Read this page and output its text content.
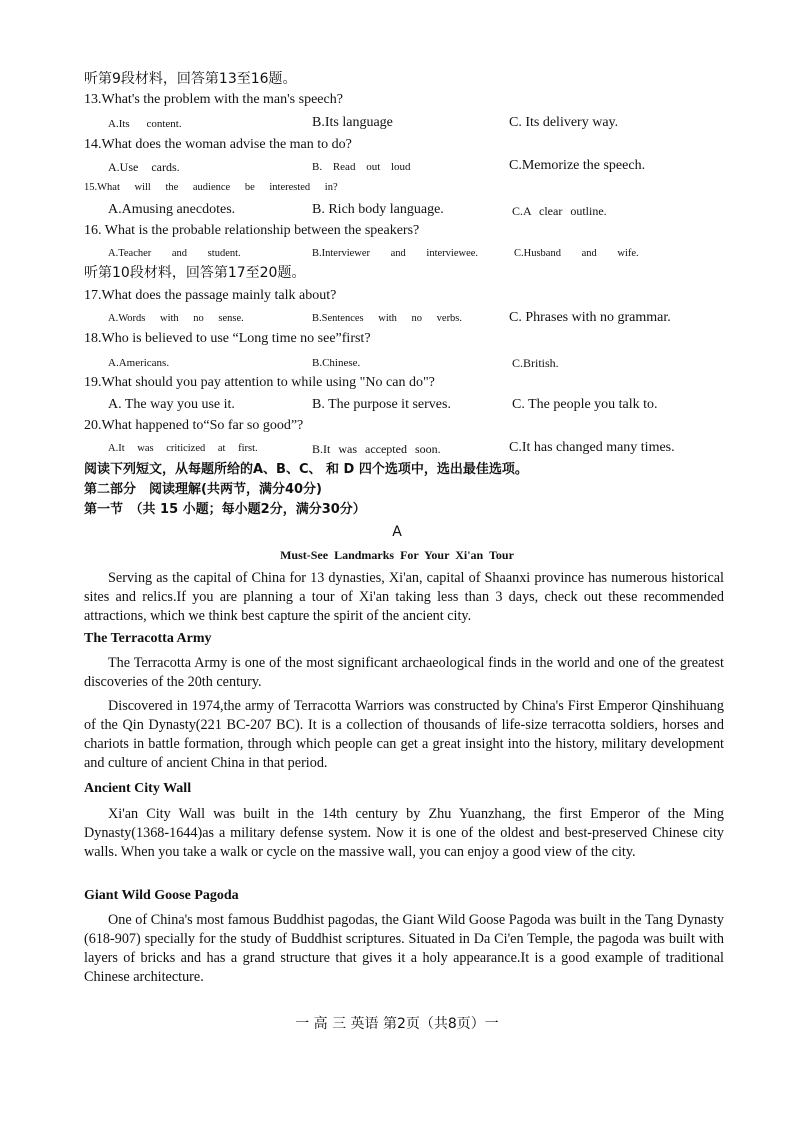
听第9段材料，回答第13至16题。
13.What's the problem with the man's speech?
A.Its content.	B.Its language	C. Its delivery way.
14.What does the woman advise the man to do?
A.Use cards.	B. Read out loud	C.Memorize the speech.
15.What will the audience be interested in?
A.Amusing anecdotes.	B. Rich body language.	C.A clear outline.
16. What is the probable relationship between the speakers?
A.Teacher and student.	B.Interviewer and interviewee.	C.Husband and wife.
听第10段材料，回答第17至20题。
17.What does the passage mainly talk about?
A.Words with no sense.	B.Sentences with no verbs.	C. Phrases with no grammar.
18.Who is believed to use “Long time no see”first?
A.Americans.	B.Chinese.	C.British.
19.What should you pay attention to while using "No can do"?
A. The way you use it.	B. The purpose it serves.	C. The people you talk to.
20.What happened to“So far so good”?
A.It was criticized at first.	B.It was accepted soon.	C.It has changed many times.
阅读下列短文，从每题所给的A、B、C、 和 D 四个选项中，选出最佳选项。
第二部分　阅读理解(共两节，满分40分)
第一节　（共 15 小题；每小题2分，满分30分）
A
Must-See Landmarks For Your Xi'an Tour
Serving as the capital of China for 13 dynasties, Xi'an, capital of Shaanxi province has numerous historical sites and relics.If you are planning a tour of Xi'an taking less than 3 days, check out these recommended attractions, which we think best capture the spirit of the ancient city.
The Terracotta Army
The Terracotta Army is one of the most significant archaeological finds in the world and one of the greatest discoveries of the 20th century.
Discovered in 1974,the army of Terracotta Warriors was constructed by China's First Emperor Qinshihuang of the Qin Dynasty(221 BC-207 BC). It is a collection of thousands of life-size terracotta soldiers, horses and chariots in battle formation, through which people can get a great insight into the history, military development and culture of ancient China in that period.
Ancient City Wall
Xi'an City Wall was built in the 14th century by Zhu Yuanzhang, the first Emperor of the Ming Dynasty(1368-1644)as a military defense system. Now it is one of the oldest and best-preserved Chinese city walls. When you take a walk or cycle on the massive wall, you can enjoy a good view of the city.
Giant Wild Goose Pagoda
One of China's most famous Buddhist pagodas, the Giant Wild Goose Pagoda was built in the Tang Dynasty (618-907) specially for the study of Buddhist scriptures. Situated in Da Ci'en Temple, the pagoda was built with layers of bricks and has a grand structure that gives it a holy appearance.It is a good example of traditional Chinese architecture.
一 高 三 英语 第2页（共8页）一
